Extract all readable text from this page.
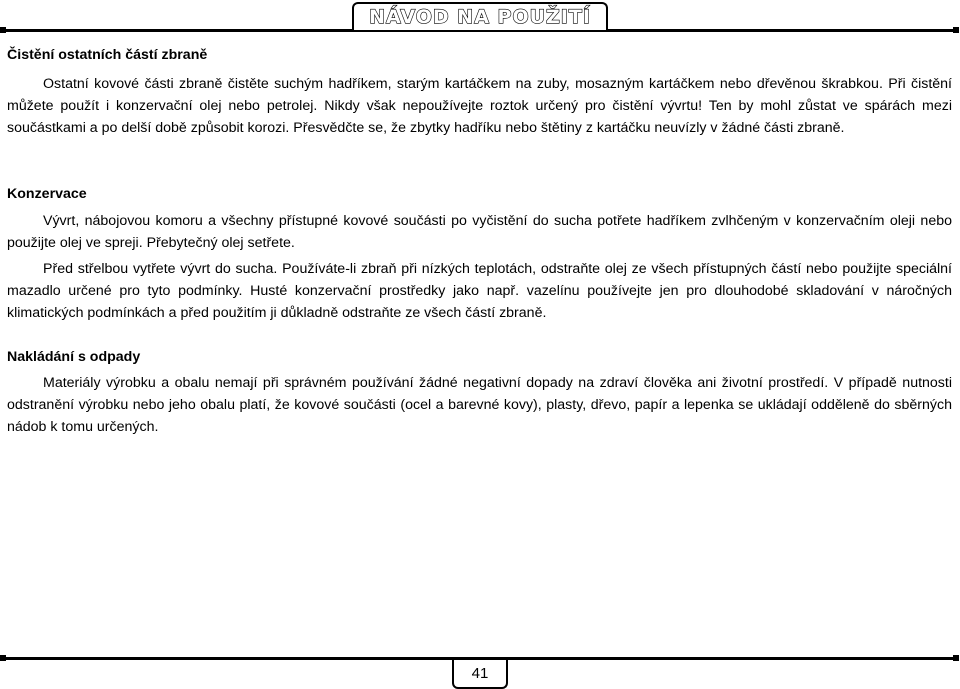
NÁVOD NA POUŽITÍ
Čistění ostatních částí zbraně

Ostatní kovové části zbraně čistěte suchým hadříkem, starým kartáčkem na zuby, mosazným kartáčkem nebo dřevěnou škrabkou. Při čistění můžete použít i konzervační olej nebo petrolej. Nikdy však nepoužívejte roztok určený pro čistění vývrtu! Ten by mohl zůstat ve spárách mezi součástkami a po delší době způsobit korozi. Přesvědčte se, že zbytky hadříku nebo štětiny z kartáčku neuvízly v žádné části zbraně.

Konzervace

Vývrt, nábojovou komoru a všechny přístupné kovové součásti po vyčistění do sucha potřete hadříkem zvlhčeným v konzervačním oleji nebo použijte olej ve spreji. Přebytečný olej setřete.

Před střelbou vytřete vývrt do sucha. Používáte-li zbraň při nízkých teplotách, odstraňte olej ze všech přístupných částí nebo použijte speciální mazadlo určené pro tyto podmínky. Husté konzervační prostředky jako např. vazelínu používejte jen pro dlouhodobé skladování v náročných klimatických podmínkách a před použitím ji důkladně odstraňte ze všech částí zbraně.

Nakládání s odpady

Materiály výrobku a obalu nemají při správném používání žádné negativní dopady na zdraví člověka ani životní prostředí. V případě nutnosti odstranění výrobku nebo jeho obalu platí, že kovové součásti (ocel a barevné kovy), plasty, dřevo, papír a lepenka se ukládají odděleně do sběrných nádob k tomu určených.

41
